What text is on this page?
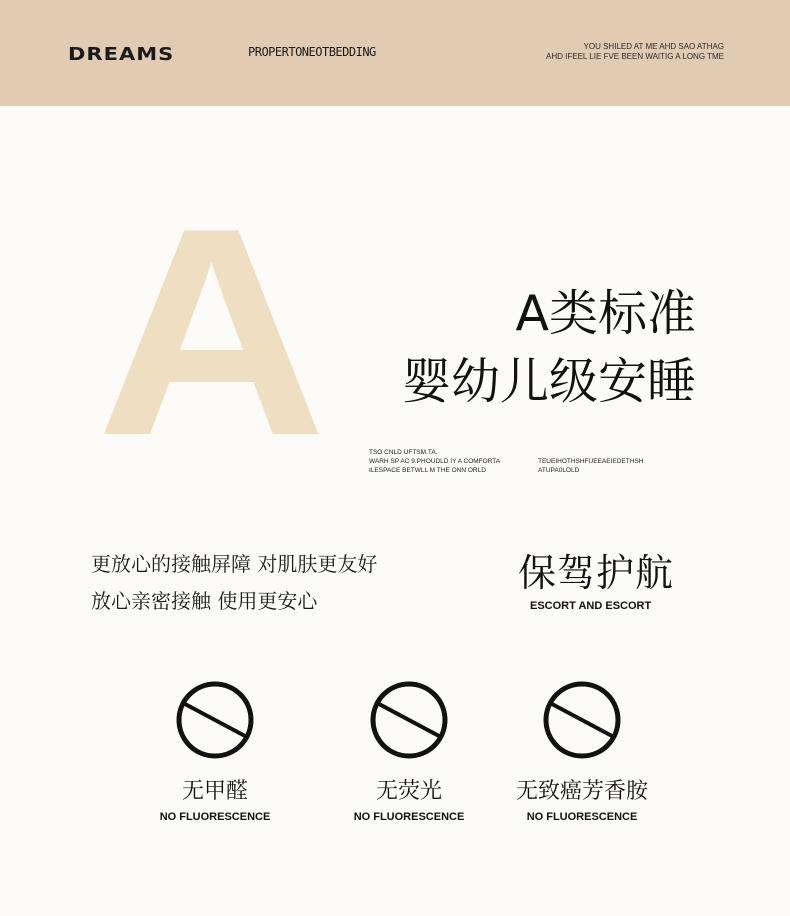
DREAMS	PROPERTONEOTBEDDING	YOU SHILED AT ME AHD SAO ATHAG
AHD IFEEL LIE FVE BEEN WAITIG A LONG TME
A	A类标准
婴幼儿级安睡
TSO CNLD UFTSM.TA.
WARH SP AC 9.PHOUDLD IY A COMFORTA
ILESPACE BETWLL M THE ONN ORLD
TEUEIHOTHSHFUEEAEIEDETHSH
ATUPA0LOLD
更放心的接触屏障 对肌肤更友好
放心亲密接触 使用更安心
保驾护航
ESCORT AND ESCORT
无甲醛
NO FLUORESCENCE
无荧光
NO FLUORESCENCE
无致癌芳香胺
NO FLUORESCENCE
